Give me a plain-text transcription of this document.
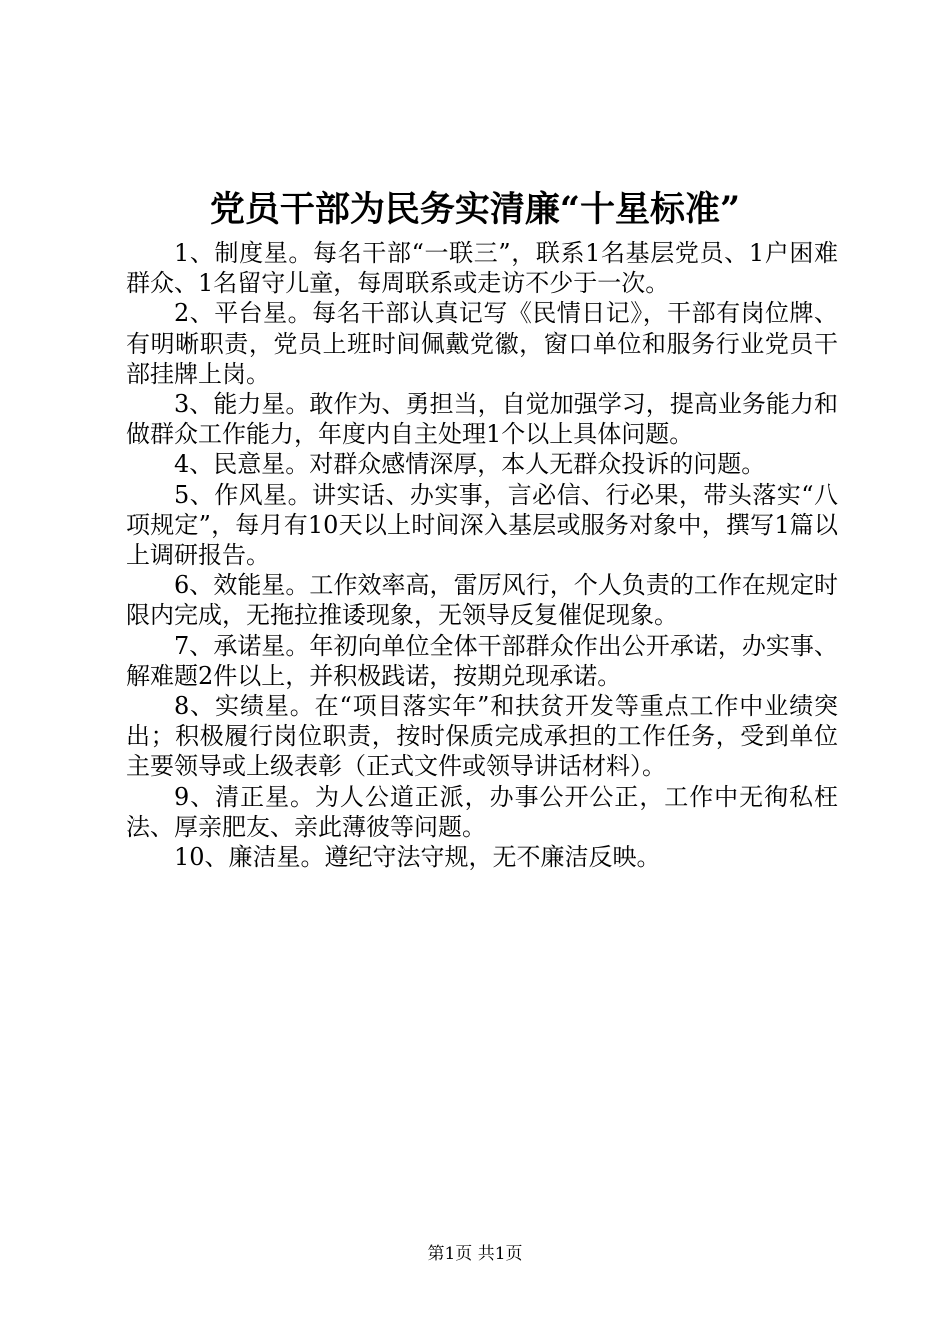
党员干部为民务实清廉“十星标准”

1、制度星。每名干部“一联三”，联系1名基层党员、1户困难群众、1名留守儿童，每周联系或走访不少于一次。

2、平台星。每名干部认真记写《民情日记》，干部有岗位牌、有明晰职责，党员上班时间佩戴党徽，窗口单位和服务行业党员干部挂牌上岗。

3、能力星。敢作为、勇担当，自觉加强学习，提高业务能力和做群众工作能力，年度内自主处理1个以上具体问题。

4、民意星。对群众感情深厚，本人无群众投诉的问题。

5、作风星。讲实话、办实事，言必信、行必果，带头落实“八项规定”，每月有10天以上时间深入基层或服务对象中，撰写1篇以上调研报告。

6、效能星。工作效率高，雷厉风行，个人负责的工作在规定时限内完成，无拖拉推诿现象，无领导反复催促现象。

7、承诺星。年初向单位全体干部群众作出公开承诺，办实事、解难题2件以上，并积极践诺，按期兑现承诺。

8、实绩星。在“项目落实年”和扶贫开发等重点工作中业绩突出；积极履行岗位职责，按时保质完成承担的工作任务，受到单位主要领导或上级表彰（正式文件或领导讲话材料）。

9、清正星。为人公道正派，办事公开公正，工作中无徇私枉法、厚亲肥友、亲此薄彼等问题。

10、廉洁星。遵纪守法守规，无不廉洁反映。

第1页 共1页
